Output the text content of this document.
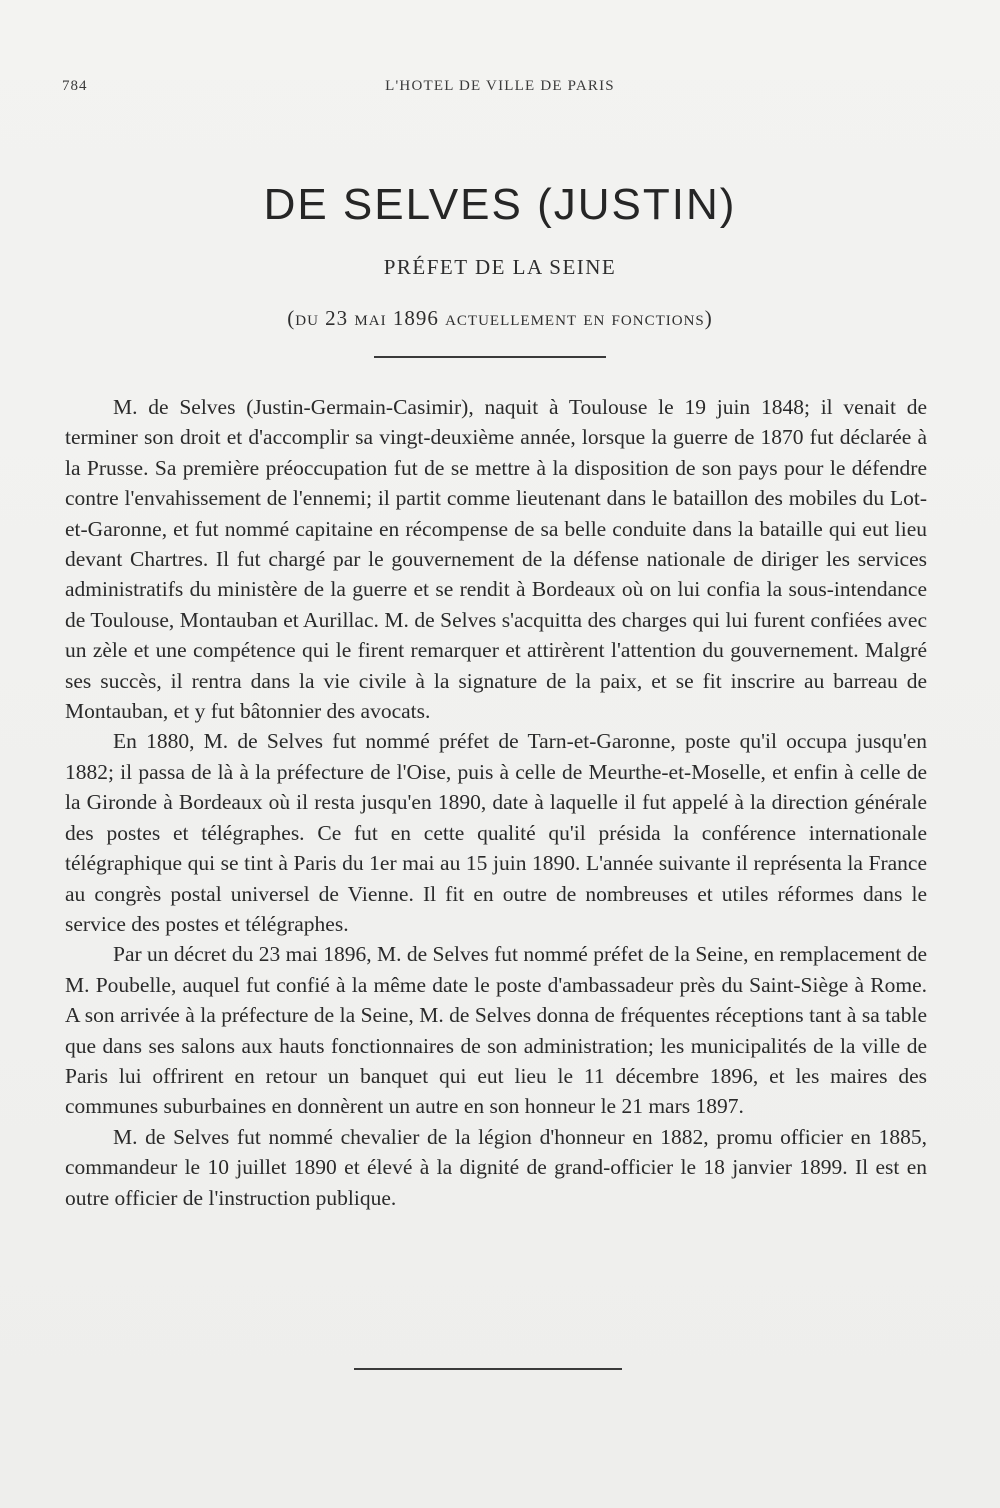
784	L'HOTEL DE VILLE DE PARIS
DE SELVES (JUSTIN)
PRÉFET DE LA SEINE
(du 23 mai 1896 actuellement en fonctions)

M. de Selves (Justin-Germain-Casimir), naquit à Toulouse le 19 juin 1848; il venait de terminer son droit et d'accomplir sa vingt-deuxième année, lorsque la guerre de 1870 fut déclarée à la Prusse. Sa première préoccupation fut de se mettre à la disposition de son pays pour le défendre contre l'envahissement de l'ennemi; il partit comme lieutenant dans le bataillon des mobiles du Lot-et-Garonne, et fut nommé capitaine en récompense de sa belle conduite dans la bataille qui eut lieu devant Chartres. Il fut chargé par le gouvernement de la défense nationale de diriger les services administratifs du ministère de la guerre et se rendit à Bordeaux où on lui confia la sous-intendance de Toulouse, Montauban et Aurillac. M. de Selves s'acquitta des charges qui lui furent confiées avec un zèle et une compétence qui le firent remarquer et attirèrent l'attention du gouvernement. Malgré ses succès, il rentra dans la vie civile à la signature de la paix, et se fit inscrire au barreau de Montauban, et y fut bâtonnier des avocats.

En 1880, M. de Selves fut nommé préfet de Tarn-et-Garonne, poste qu'il occupa jusqu'en 1882; il passa de là à la préfecture de l'Oise, puis à celle de Meurthe-et-Moselle, et enfin à celle de la Gironde à Bordeaux où il resta jusqu'en 1890, date à laquelle il fut appelé à la direction générale des postes et télégraphes. Ce fut en cette qualité qu'il présida la conférence internationale télégraphique qui se tint à Paris du 1er mai au 15 juin 1890. L'année suivante il représenta la France au congrès postal universel de Vienne. Il fit en outre de nombreuses et utiles réformes dans le service des postes et télégraphes.

Par un décret du 23 mai 1896, M. de Selves fut nommé préfet de la Seine, en remplacement de M. Poubelle, auquel fut confié à la même date le poste d'ambassadeur près du Saint-Siège à Rome. A son arrivée à la préfecture de la Seine, M. de Selves donna de fréquentes réceptions tant à sa table que dans ses salons aux hauts fonctionnaires de son administration; les municipalités de la ville de Paris lui offrirent en retour un banquet qui eut lieu le 11 décembre 1896, et les maires des communes suburbaines en donnèrent un autre en son honneur le 21 mars 1897.

M. de Selves fut nommé chevalier de la légion d'honneur en 1882, promu officier en 1885, commandeur le 10 juillet 1890 et élevé à la dignité de grand-officier le 18 janvier 1899. Il est en outre officier de l'instruction publique.
